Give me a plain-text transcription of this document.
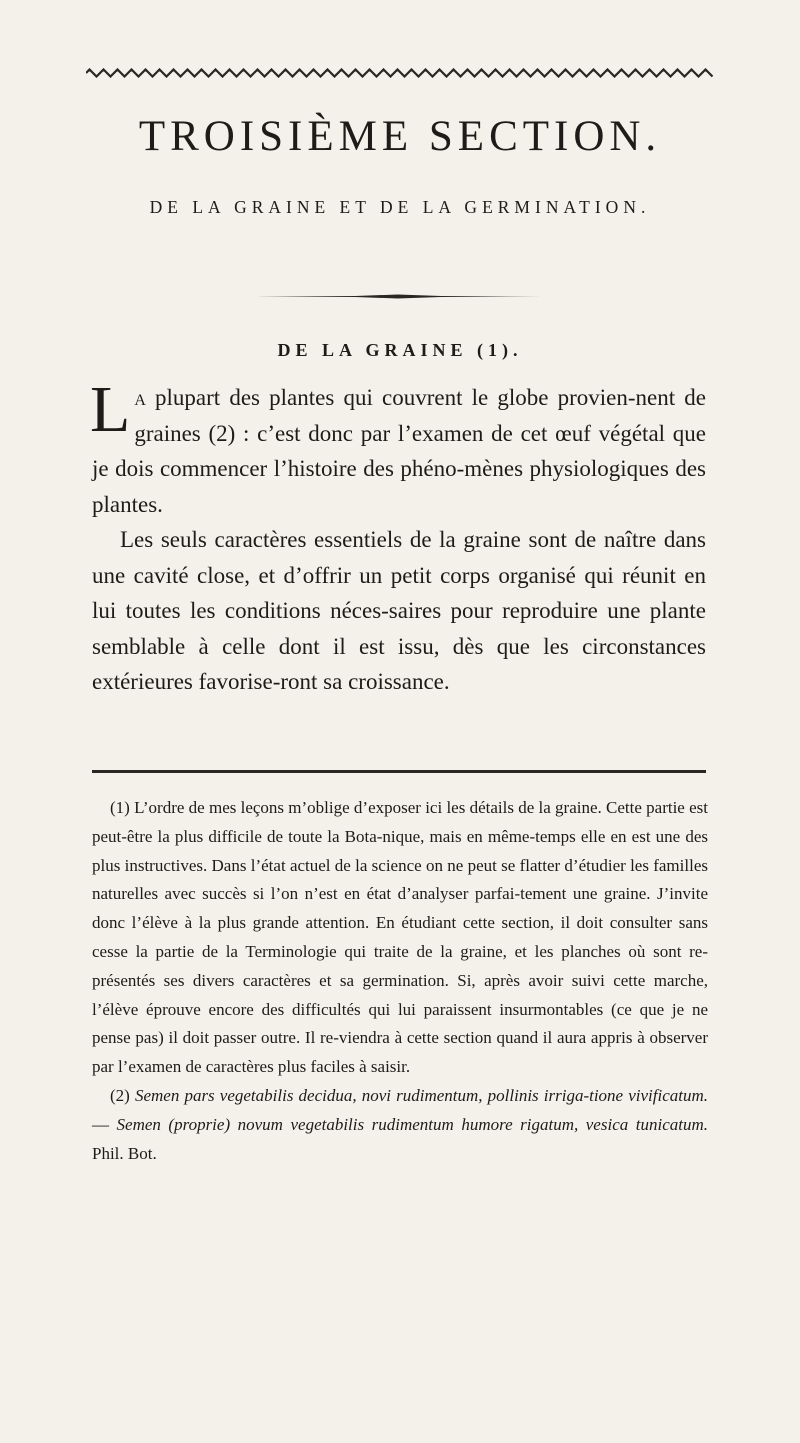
TROISIÈME SECTION.
DE LA GRAINE ET DE LA GERMINATION.
DE LA GRAINE (1).

La plupart des plantes qui couvrent le globe provien-nent de graines (2) : c’est donc par l’examen de cet œuf végétal que je dois commencer l’histoire des phéno-mènes physiologiques des plantes.

Les seuls caractères essentiels de la graine sont de naître dans une cavité close, et d’offrir un petit corps organisé qui réunit en lui toutes les conditions néces-saires pour reproduire une plante semblable à celle dont il est issu, dès que les circonstances extérieures favorise-ront sa croissance.

(1) L’ordre de mes leçons m’oblige d’exposer ici les détails de la graine. Cette partie est peut-être la plus difficile de toute la Bota-nique, mais en même-temps elle en est une des plus instructives. Dans l’état actuel de la science on ne peut se flatter d’étudier les familles naturelles avec succès si l’on n’est en état d’analyser parfai-tement une graine. J’invite donc l’élève à la plus grande attention. En étudiant cette section, il doit consulter sans cesse la partie de la Terminologie qui traite de la graine, et les planches où sont re-présentés ses divers caractères et sa germination. Si, après avoir suivi cette marche, l’élève éprouve encore des difficultés qui lui paraissent insurmontables (ce que je ne pense pas) il doit passer outre. Il re-viendra à cette section quand il aura appris à observer par l’examen de caractères plus faciles à saisir.

(2) Semen pars vegetabilis decidua, novi rudimentum, pollinis irriga-tione vivificatum. — Semen (proprie) novum vegetabilis rudimentum humore rigatum, vesica tunicatum. Phil. Bot.
